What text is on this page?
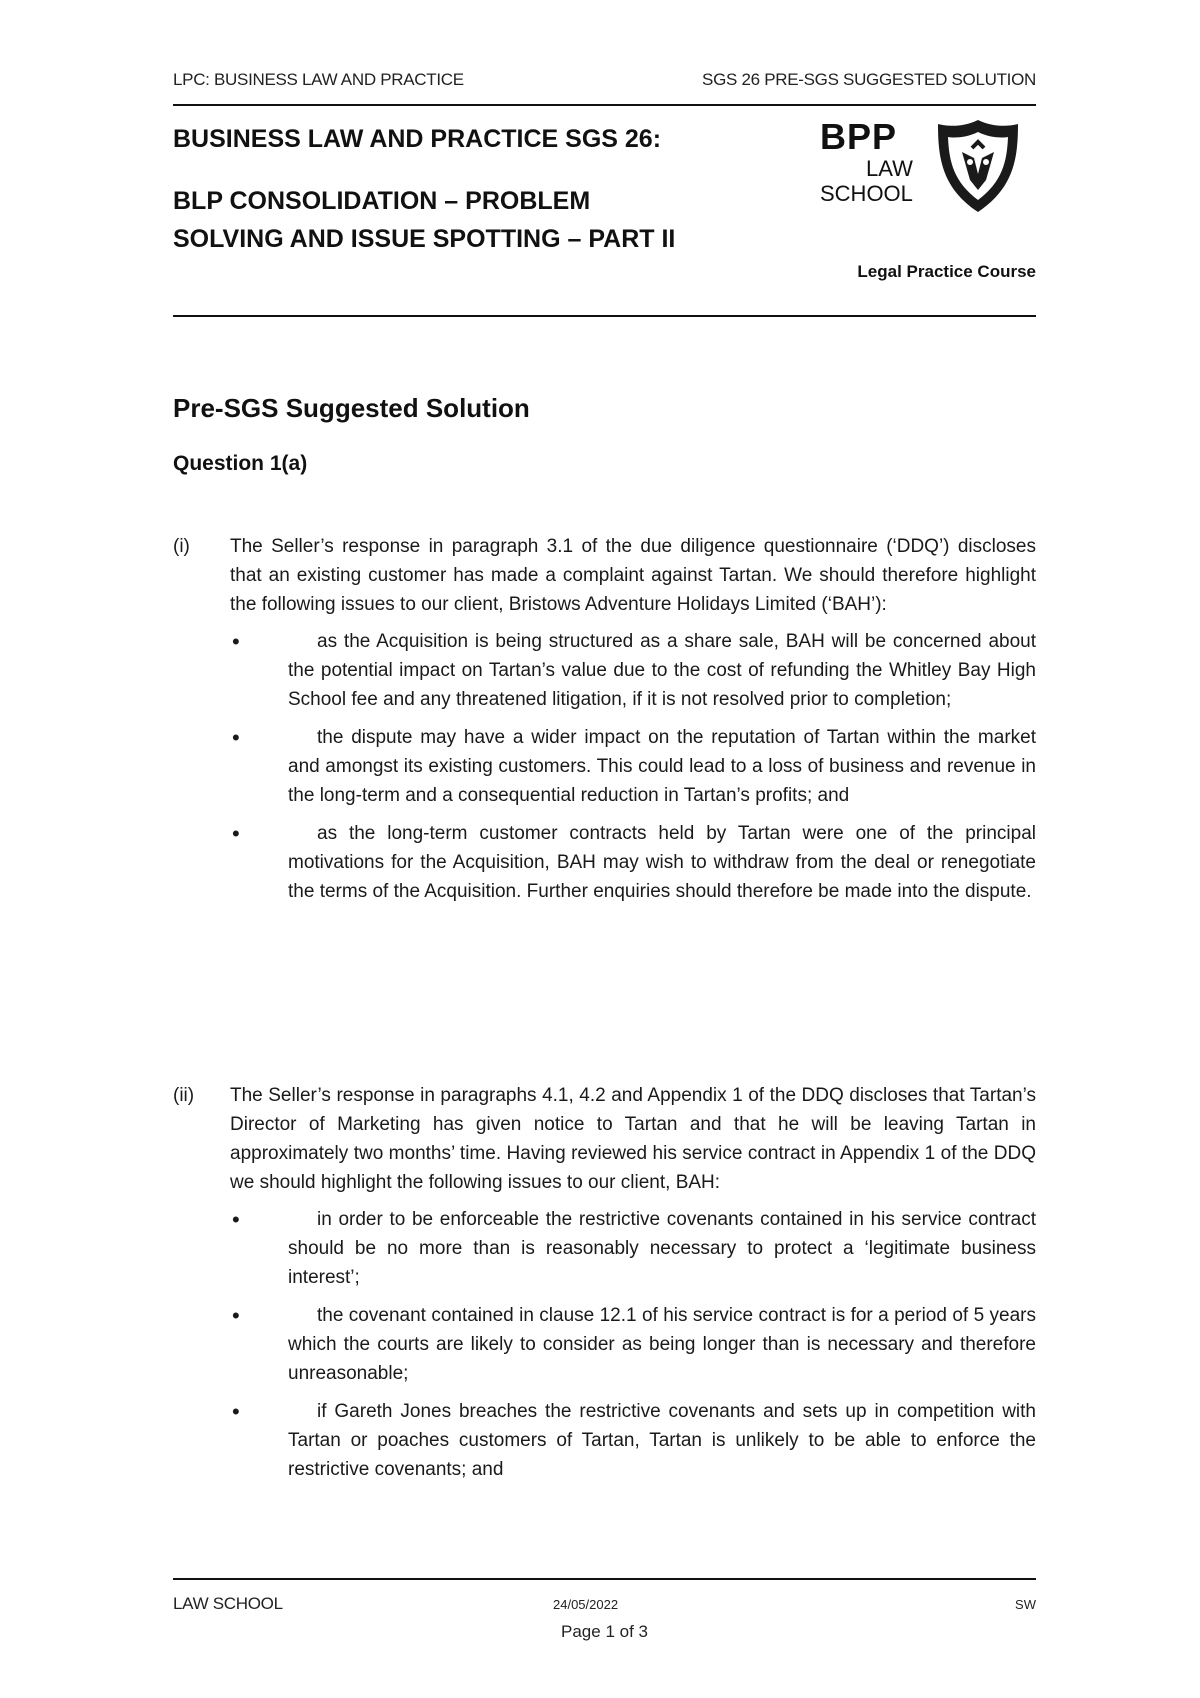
LPC: BUSINESS LAW AND PRACTICE	SGS 26 PRE-SGS SUGGESTED SOLUTION
BUSINESS LAW AND PRACTICE SGS 26:
BLP CONSOLIDATION – PROBLEM
SOLVING AND ISSUE SPOTTING – PART II
BPP
LAW
SCHOOL
Legal Practice Course
Pre-SGS Suggested Solution
Question 1(a)
(i) The Seller’s response in paragraph 3.1 of the due diligence questionnaire (‘DDQ’) discloses that an existing customer has made a complaint against Tartan. We should therefore highlight the following issues to our client, Bristows Adventure Holidays Limited (‘BAH’):
•	as the Acquisition is being structured as a share sale, BAH will be concerned about the potential impact on Tartan’s value due to the cost of refunding the Whitley Bay High School fee and any threatened litigation, if it is not resolved prior to completion;
•	the dispute may have a wider impact on the reputation of Tartan within the market and amongst its existing customers. This could lead to a loss of business and revenue in the long-term and a consequential reduction in Tartan’s profits; and
•	as the long-term customer contracts held by Tartan were one of the principal motivations for the Acquisition, BAH may wish to withdraw from the deal or renegotiate the terms of the Acquisition. Further enquiries should therefore be made into the dispute.
(ii) The Seller’s response in paragraphs 4.1, 4.2 and Appendix 1 of the DDQ discloses that Tartan’s Director of Marketing has given notice to Tartan and that he will be leaving Tartan in approximately two months’ time. Having reviewed his service contract in Appendix 1 of the DDQ we should highlight the following issues to our client, BAH:
•	in order to be enforceable the restrictive covenants contained in his service contract should be no more than is reasonably necessary to protect a ‘legitimate business interest’;
•	the covenant contained in clause 12.1 of his service contract is for a period of 5 years which the courts are likely to consider as being longer than is necessary and therefore unreasonable;
•	if Gareth Jones breaches the restrictive covenants and sets up in competition with Tartan or poaches customers of Tartan, Tartan is unlikely to be able to enforce the restrictive covenants; and
LAW SCHOOL	24/05/2022	SW
Page 1 of 3
